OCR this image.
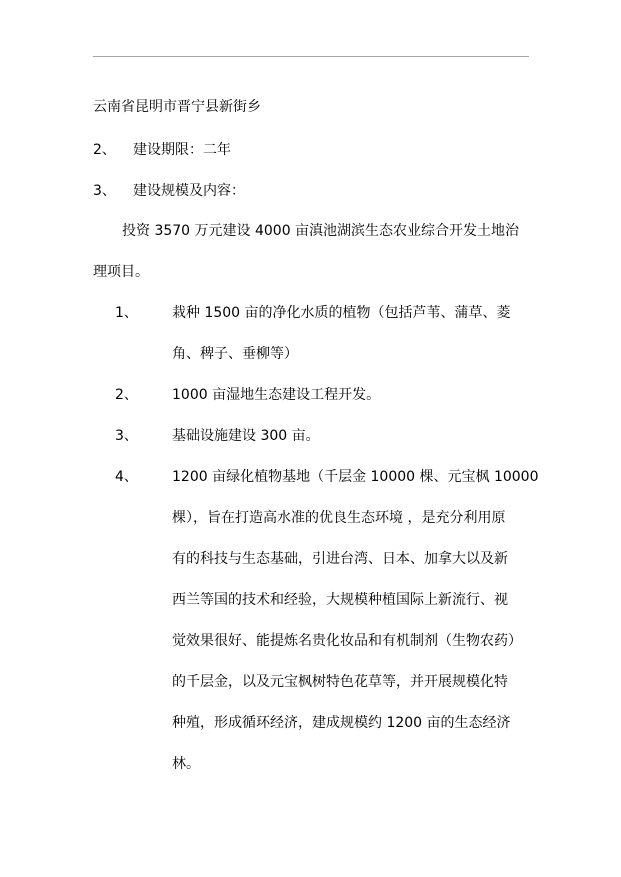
云南省昆明市晋宁县新街乡
2、 建设期限：二年
3、 建设规模及内容：
投资 3570 万元建设 4000 亩滇池湖滨生态农业综合开发土地治
理项目。
1、 栽种 1500 亩的净化水质的植物（包括芦苇、蒲草、菱
角、稗子、垂柳等）
2、 1000 亩湿地生态建设工程开发。
3、 基础设施建设 300 亩。
4、 1200 亩绿化植物基地（千层金 10000 棵、元宝枫 10000
棵），旨在打造高水准的优良生态环境 ，是充分利用原
有的科技与生态基础，引进台湾、日本、加拿大以及新
西兰等国的技术和经验，大规模种植国际上新流行、视
觉效果很好、能提炼名贵化妆品和有机制剂（生物农药）
的千层金，以及元宝枫树特色花草等，并开展规模化特
种殖，形成循环经济，建成规模约 1200 亩的生态经济
林。
